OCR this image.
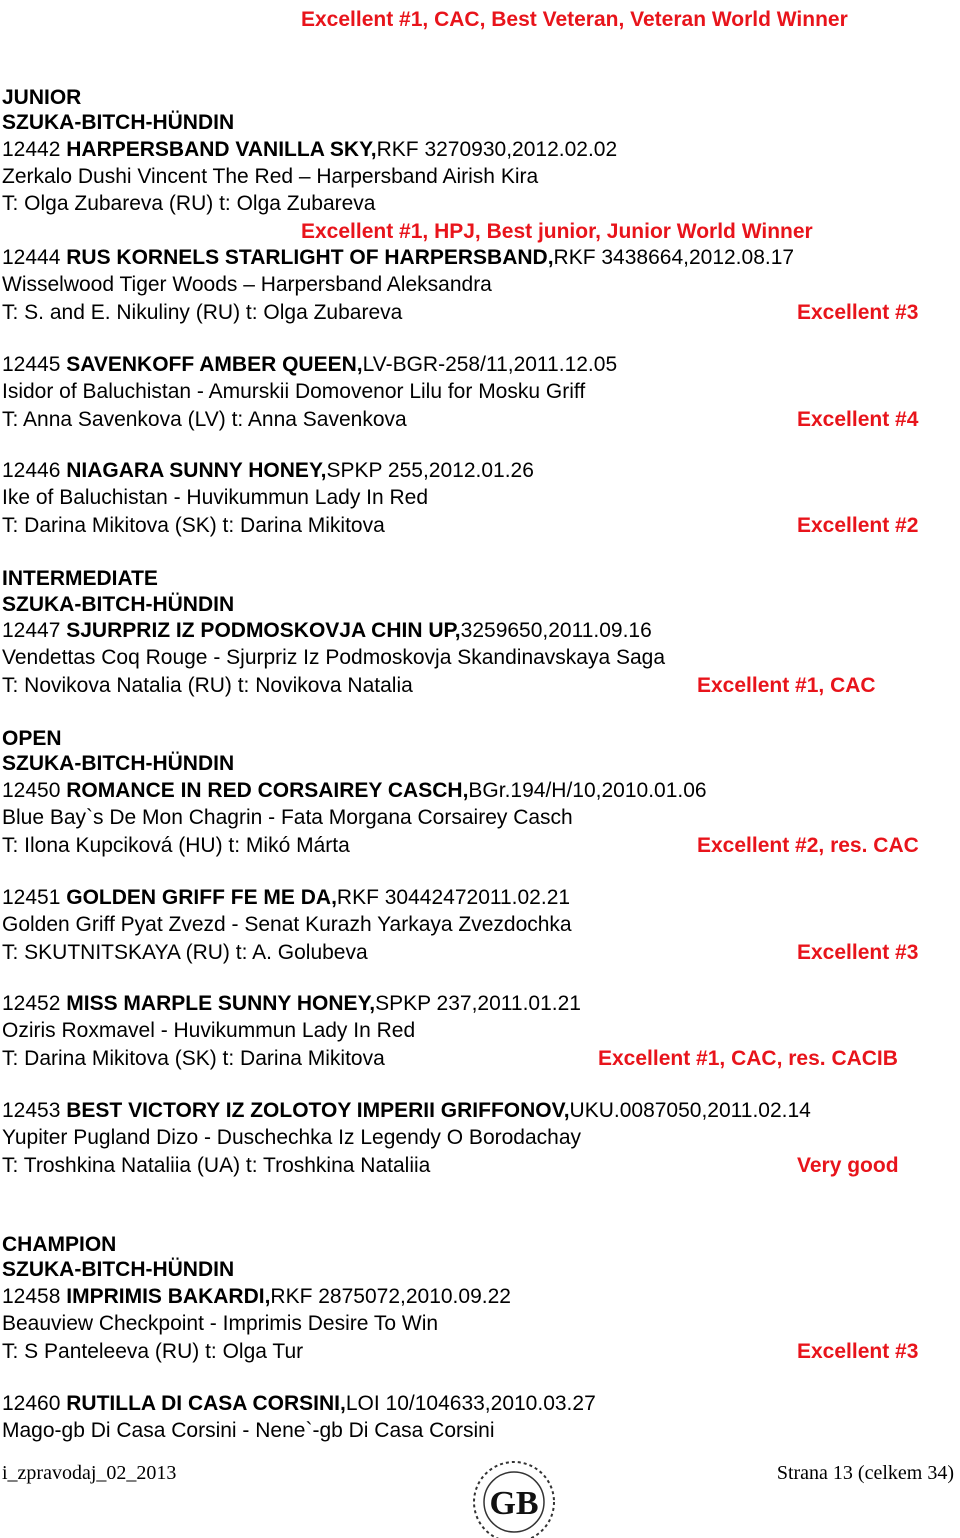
Excellent #1, CAC, Best Veteran, Veteran World Winner
JUNIOR
SZUKA-BITCH-HÜNDIN
12442 HARPERSBAND VANILLA SKY,RKF 3270930,2012.02.02
Zerkalo Dushi Vincent The Red – Harpersband Airish Kira
T: Olga Zubareva (RU) t: Olga Zubareva
Excellent #1, HPJ, Best junior, Junior World Winner
12444 RUS KORNELS STARLIGHT OF HARPERSBAND,RKF 3438664,2012.08.17
Wisselwood Tiger Woods – Harpersband Aleksandra
T: S. and E. Nikuliny (RU) t: Olga Zubareva	Excellent #3
12445 SAVENKOFF AMBER QUEEN,LV-BGR-258/11,2011.12.05
Isidor of Baluchistan - Amurskii Domovenor Lilu for Mosku Griff
T: Anna Savenkova (LV) t: Anna Savenkova	Excellent #4
12446 NIAGARA SUNNY HONEY,SPKP 255,2012.01.26
Ike of Baluchistan - Huvikummun Lady In Red
T: Darina Mikitova (SK) t: Darina Mikitova	Excellent #2
INTERMEDIATE
SZUKA-BITCH-HÜNDIN
12447 SJURPRIZ IZ PODMOSKOVJA CHIN UP,3259650,2011.09.16
Vendettas Coq Rouge - Sjurpriz Iz Podmoskovja Skandinavskaya Saga
T: Novikova Natalia (RU) t: Novikova Natalia	Excellent #1, CAC
OPEN
SZUKA-BITCH-HÜNDIN
12450 ROMANCE IN RED CORSAIREY CASCH,BGr.194/H/10,2010.01.06
Blue Bay`s De Mon Chagrin - Fata Morgana Corsairey Casch
T: Ilona Kupciková (HU) t: Mikó Márta	Excellent #2, res. CAC
12451 GOLDEN GRIFF FE ME DA,RKF 30442472011.02.21
Golden Griff Pyat Zvezd - Senat Kurazh Yarkaya Zvezdochka
T: SKUTNITSKAYA (RU) t: A. Golubeva	Excellent #3
12452 MISS MARPLE SUNNY HONEY,SPKP 237,2011.01.21
Oziris Roxmavel - Huvikummun Lady In Red
T: Darina Mikitova (SK) t: Darina Mikitova	Excellent #1, CAC, res. CACIB
12453 BEST VICTORY IZ ZOLOTOY IMPERII GRIFFONOV,UKU.0087050,2011.02.14
Yupiter Pugland Dizo - Duschechka Iz Legendy O Borodachay
T: Troshkina Nataliia (UA) t: Troshkina Nataliia	Very good
CHAMPION
SZUKA-BITCH-HÜNDIN
12458 IMPRIMIS BAKARDI,RKF 2875072,2010.09.22
Beauview Checkpoint - Imprimis Desire To Win
T: S Panteleeva (RU) t: Olga Tur	Excellent #3
12460 RUTILLA DI CASA CORSINI,LOI 10/104633,2010.03.27
Mago-gb Di Casa Corsini - Nene`-gb Di Casa Corsini
i_zpravodaj_02_2013	Strana 13 (celkem 34)
GB
